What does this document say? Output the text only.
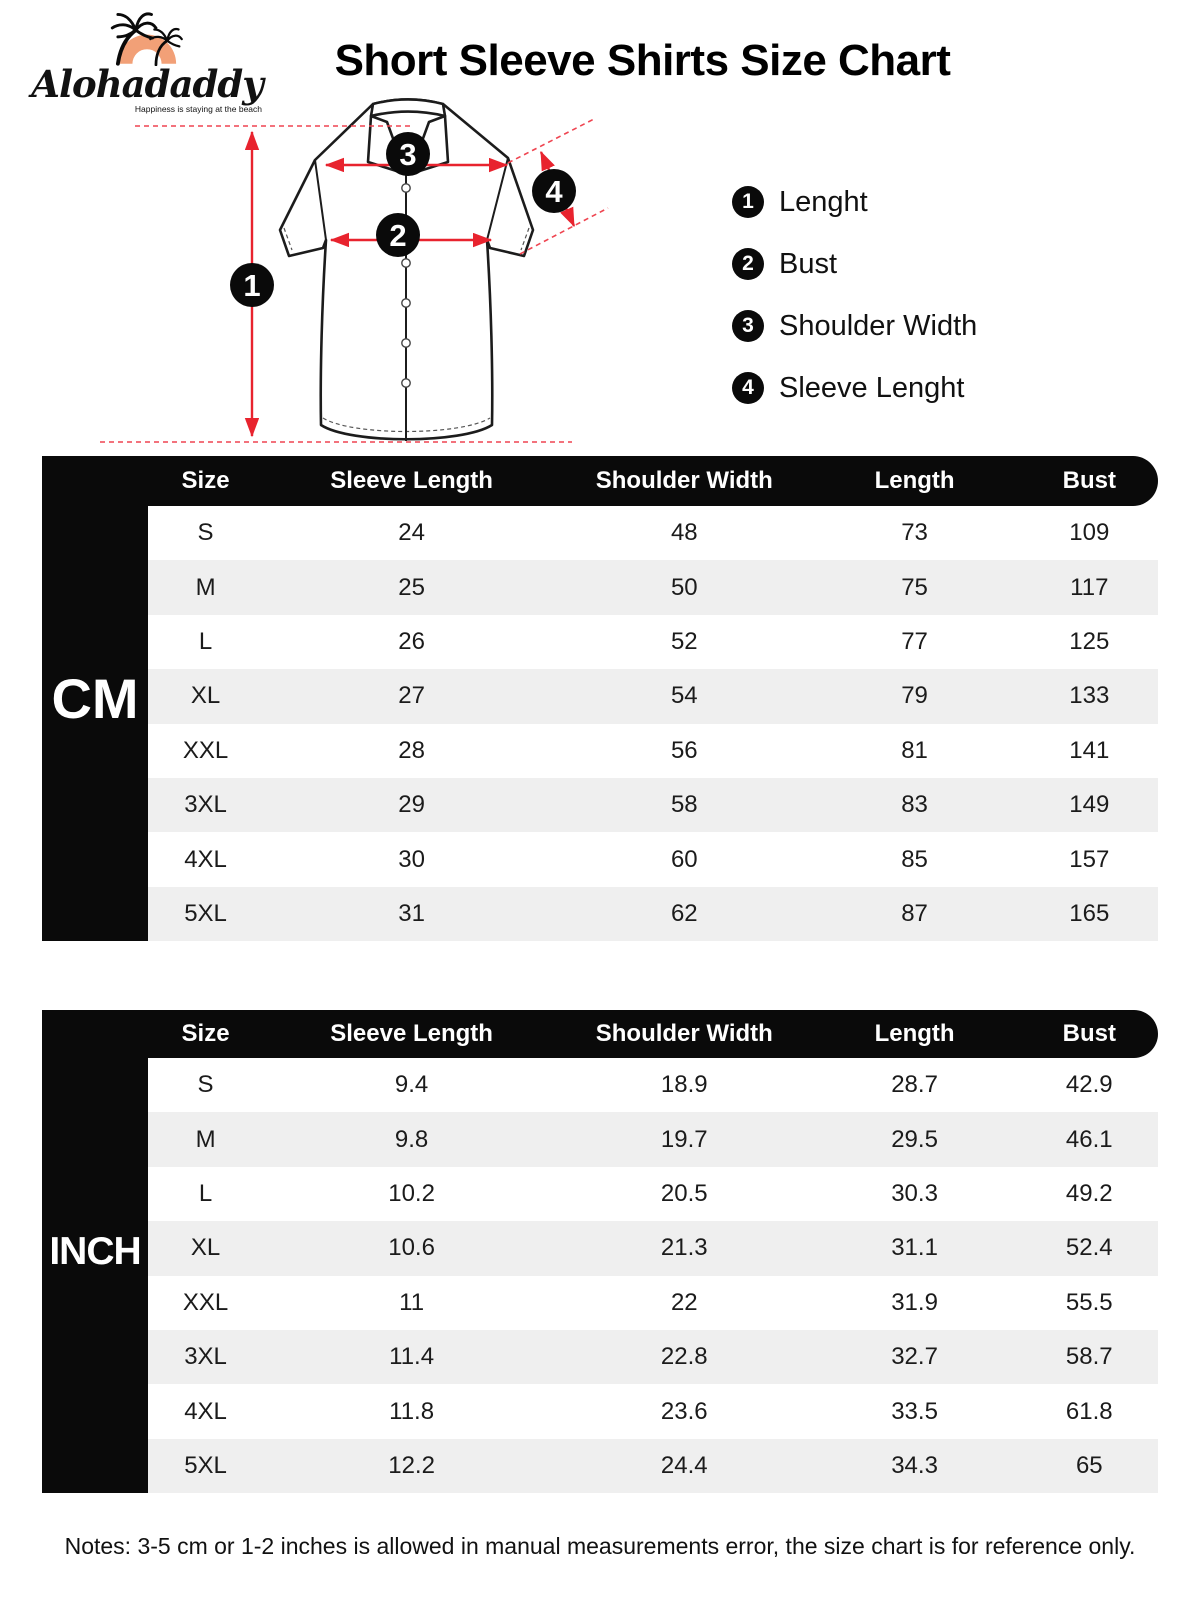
Alohadaddy
Happiness is staying at the beach
Short Sleeve Shirts Size Chart
1
2
3
4	1 Lenght
2 Bust
3 Shoulder Width
4 Sleeve Lenght
CM
Size	Sleeve Length	Shoulder Width	Length	Bust
S	24	48	73	109
M	25	50	75	117
L	26	52	77	125
XL	27	54	79	133
XXL	28	56	81	141
3XL	29	58	83	149
4XL	30	60	85	157
5XL	31	62	87	165
INCH
Size	Sleeve Length	Shoulder Width	Length	Bust
S	9.4	18.9	28.7	42.9
M	9.8	19.7	29.5	46.1
L	10.2	20.5	30.3	49.2
XL	10.6	21.3	31.1	52.4
XXL	11	22	31.9	55.5
3XL	11.4	22.8	32.7	58.7
4XL	11.8	23.6	33.5	61.8
5XL	12.2	24.4	34.3	65
Notes: 3-5 cm or 1-2 inches is allowed in manual measurements error, the size chart is for reference only.
